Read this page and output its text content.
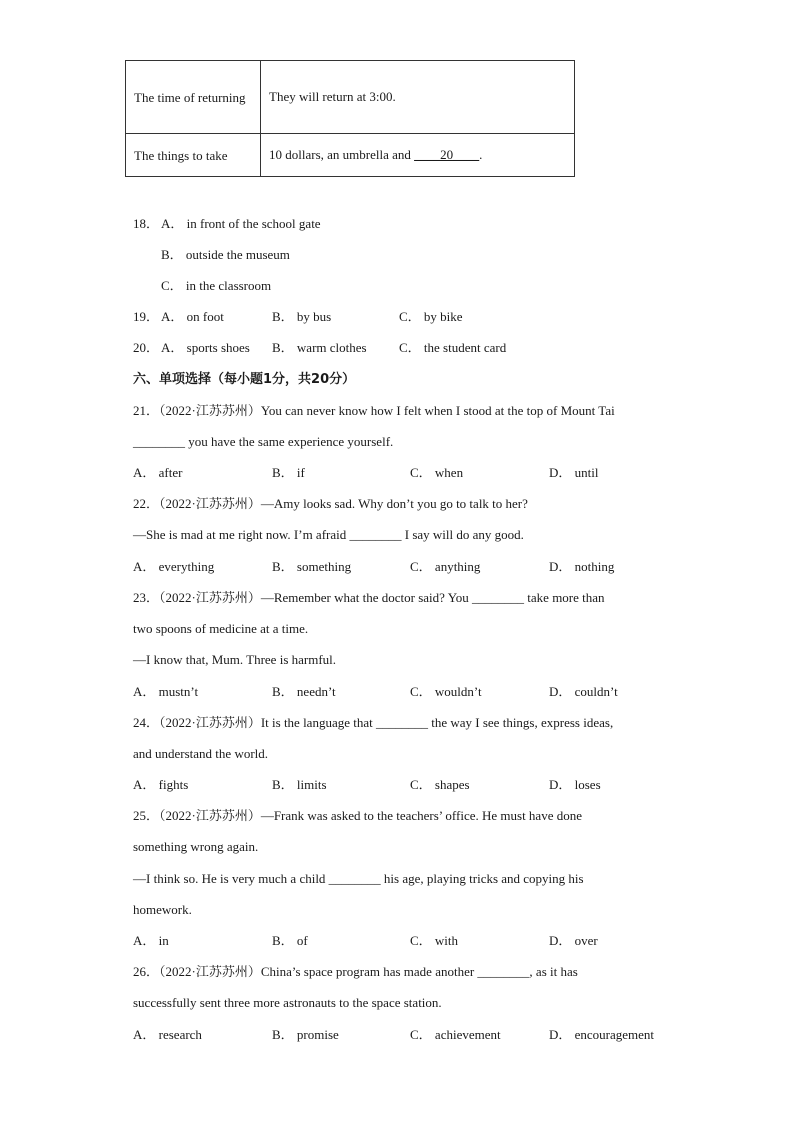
The time of returning	They will return at 3:00.
The things to take	10 dollars, an umbrella and ____20____.
18． A． in front of the school gate
B． outside the museum
C． in the classroom
19． A． on foot	B． by bus	C． by bike
20． A． sports shoes B． warm clothes C． the student card
六、单项选择（每小题1分，共20分）
21．（2022·江苏苏州）You can never know how I felt when I stood at the top of Mount Tai
________ you have the same experience yourself.
A． after	B． if	C． when	D． until
22．（2022·江苏苏州）—Amy looks sad. Why don’t you go to talk to her?
—She is mad at me right now. I’m afraid ________ I say will do any good.
A． everything	B． something	C． anything	D． nothing
23．（2022·江苏苏州）—Remember what the doctor said? You ________ take more than
two spoons of medicine at a time.
—I know that, Mum. Three is harmful.
A． mustn’t	B． needn’t	C． wouldn’t	D． couldn’t
24．（2022·江苏苏州）It is the language that ________ the way I see things, express ideas,
and understand the world.
A． fights	B． limits	C． shapes	D． loses
25．（2022·江苏苏州）—Frank was asked to the teachers’ office. He must have done
something wrong again.
—I think so. He is very much a child ________ his age, playing tricks and copying his
homework.
A． in	B． of	C． with	D． over
26．（2022·江苏苏州）China’s space program has made another ________, as it has
successfully sent three more astronauts to the space station.
A． research	B． promise	C． achievement	D． encouragement
